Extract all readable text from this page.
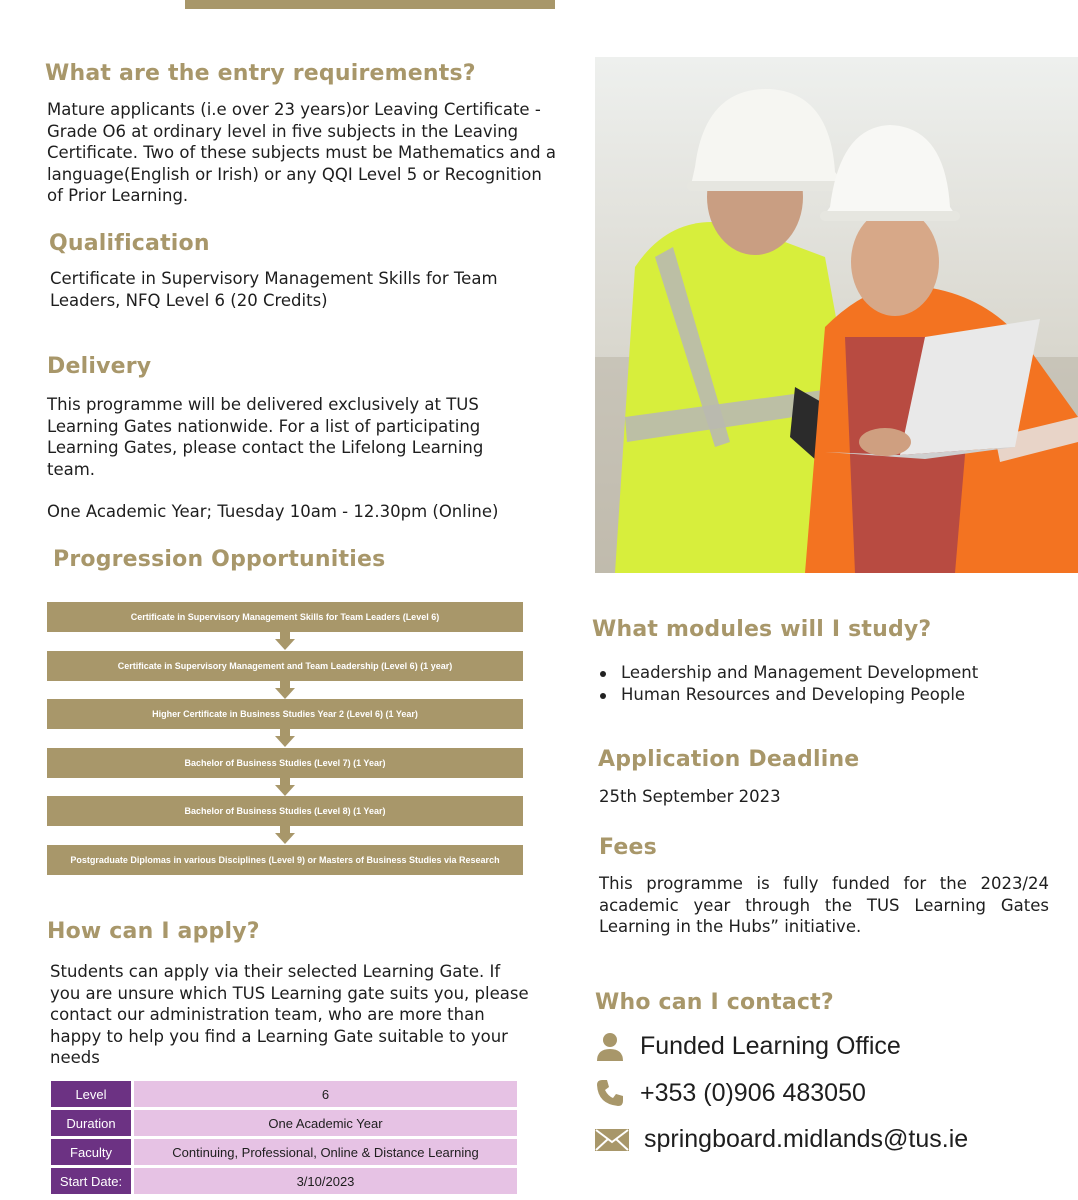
What are the entry requirements?
Mature applicants (i.e over 23 years)or Leaving Certificate - Grade O6 at ordinary level in five subjects in the Leaving Certificate. Two of these subjects must be Mathematics and a language(English or Irish) or any QQI Level 5 or Recognition of Prior Learning.
Qualification
Certificate in Supervisory Management Skills for Team Leaders, NFQ Level 6 (20 Credits)
Delivery
This programme will be delivered exclusively at TUS Learning Gates nationwide. For a list of participating Learning Gates, please contact the Lifelong Learning team.
One Academic Year; Tuesday 10am - 12.30pm (Online)
Progression Opportunities
Certificate in Supervisory Management Skills for Team Leaders (Level 6)
Certificate in Supervisory Management and Team Leadership (Level 6) (1 year)
Higher Certificate in Business Studies Year 2 (Level 6) (1 Year)
Bachelor of Business Studies (Level 7) (1 Year)
Bachelor of Business Studies (Level 8) (1 Year)
Postgraduate Diplomas in various Disciplines (Level 9) or Masters of Business Studies via Research
How can I apply?
Students can apply via their selected Learning Gate. If you are unsure which TUS Learning gate suits you, please contact our administration team, who are more than happy to help you find a Learning Gate suitable to your needs
Level	6
Duration	One Academic Year
Faculty	Continuing, Professional, Online & Distance Learning
Start Date:	3/10/2023
What modules will I study?
Leadership and Management Development
Human Resources and Developing People
Application Deadline
25th September 2023
Fees
This programme is fully funded for the 2023/24 academic year through the TUS Learning Gates Learning in the Hubs” initiative.
Who can I contact?
Funded Learning Office
+353 (0)906 483050
springboard.midlands@tus.ie
